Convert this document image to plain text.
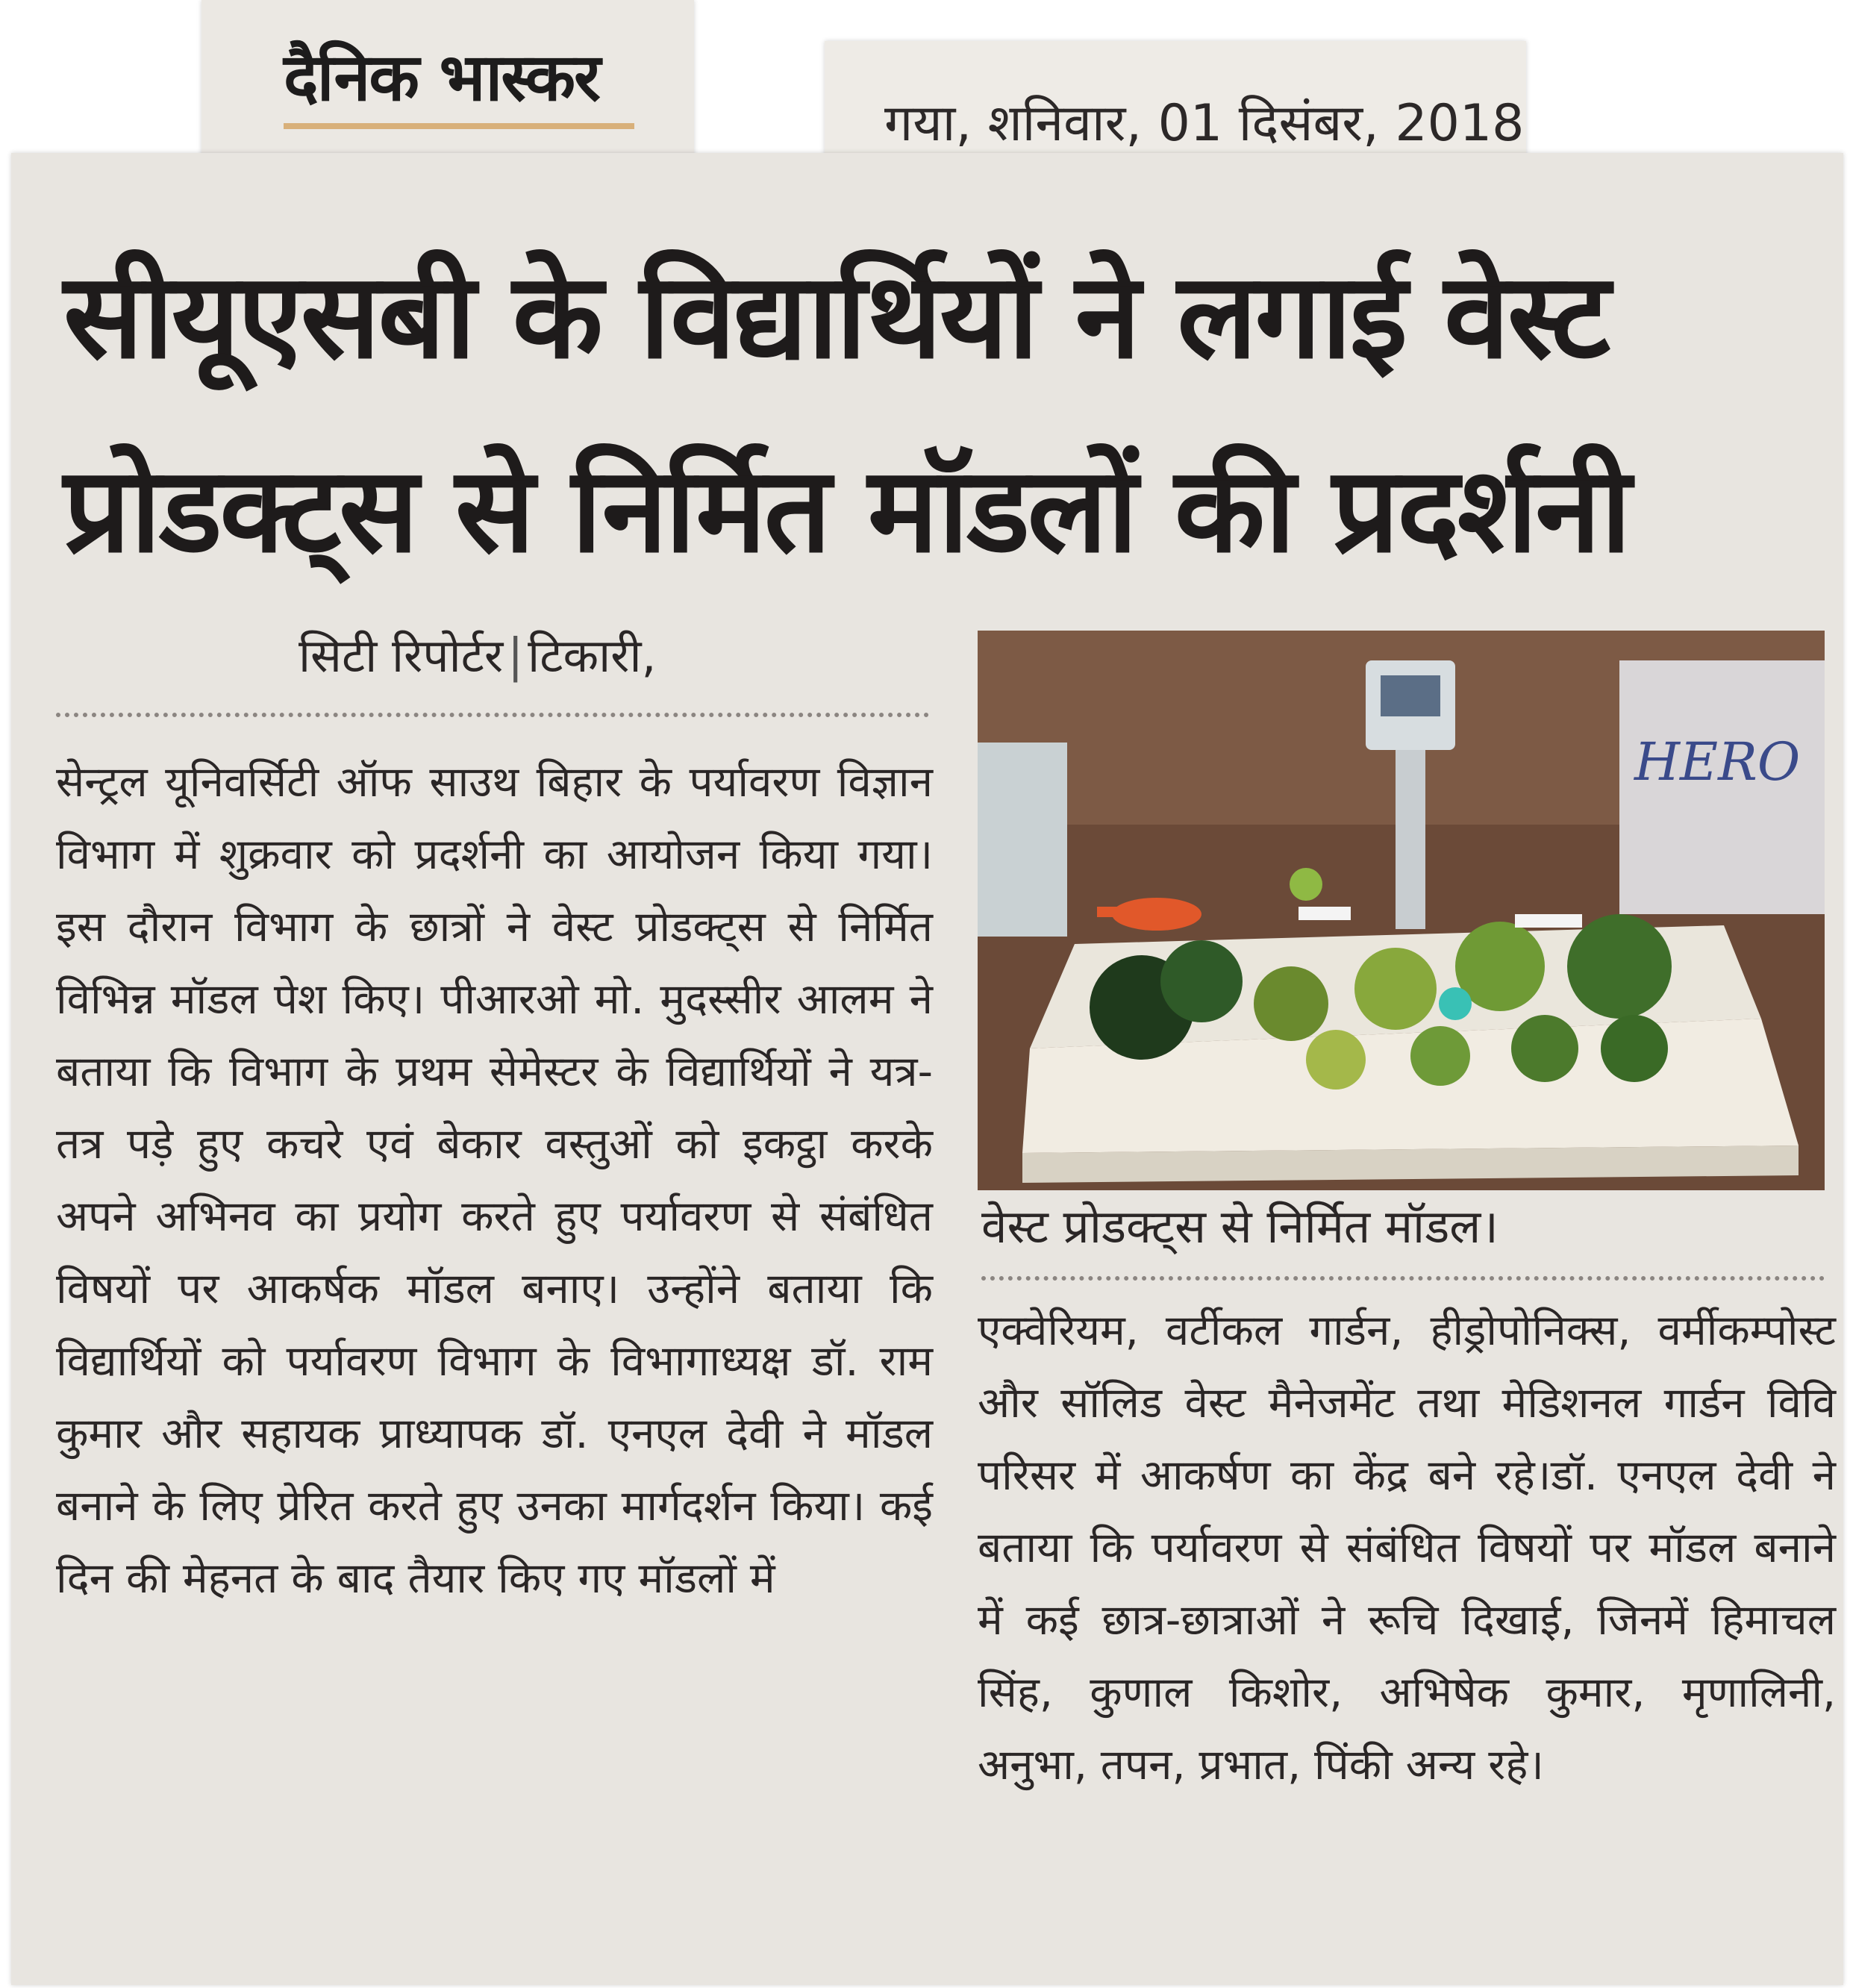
दैनिक भास्कर
गया, शनिवार, 01 दिसंबर, 2018
सीयूएसबी के विद्यार्थियों ने लगाई वेस्ट
प्रोडक्ट्स से निर्मित मॉडलों की प्रदर्शनी
सिटी रिपोर्टर|टिकारी,
सेन्ट्रल यूनिवर्सिटी ऑफ साउथ बिहार के पर्यावरण विज्ञान विभाग में शुक्रवार को प्रदर्शनी का आयोजन किया गया। इस दौरान विभाग के छात्रों ने वेस्ट प्रोडक्ट्स से निर्मित विभिन्न मॉडल पेश किए। पीआरओ मो. मुदस्सीर आलम ने बताया कि विभाग के प्रथम सेमेस्टर के विद्यार्थियों ने यत्र-तत्र पड़े हुए कचरे एवं बेकार वस्तुओं को इकट्ठा करके अपने अभिनव का प्रयोग करते हुए पर्यावरण से संबंधित विषयों पर आकर्षक मॉडल बनाए। उन्होंने बताया कि विद्यार्थियों को पर्यावरण विभाग के विभागाध्यक्ष डॉ. राम कुमार और सहायक प्राध्यापक डॉ. एनएल देवी ने मॉडल बनाने के लिए प्रेरित करते हुए उनका मार्गदर्शन किया। कई दिन की मेहनत के बाद तैयार किए गए मॉडलों में
HERO
वेस्ट प्रोडक्ट्स से निर्मित मॉडल।
एक्वेरियम, वर्टीकल गार्डन, हीड्रोपोनिक्स, वर्मीकम्पोस्ट और सॉलिड वेस्ट मैनेजमेंट तथा मेडिशनल गार्डन विवि परिसर में आकर्षण का केंद्र बने रहे।डॉ. एनएल देवी ने बताया कि पर्यावरण से संबंधित विषयों पर मॉडल बनाने में कई छात्र-छात्राओं ने रूचि दिखाई, जिनमें हिमाचल सिंह, कुणाल किशोर, अभिषेक कुमार, मृणालिनी, अनुभा, तपन, प्रभात, पिंकी अन्य रहे।
